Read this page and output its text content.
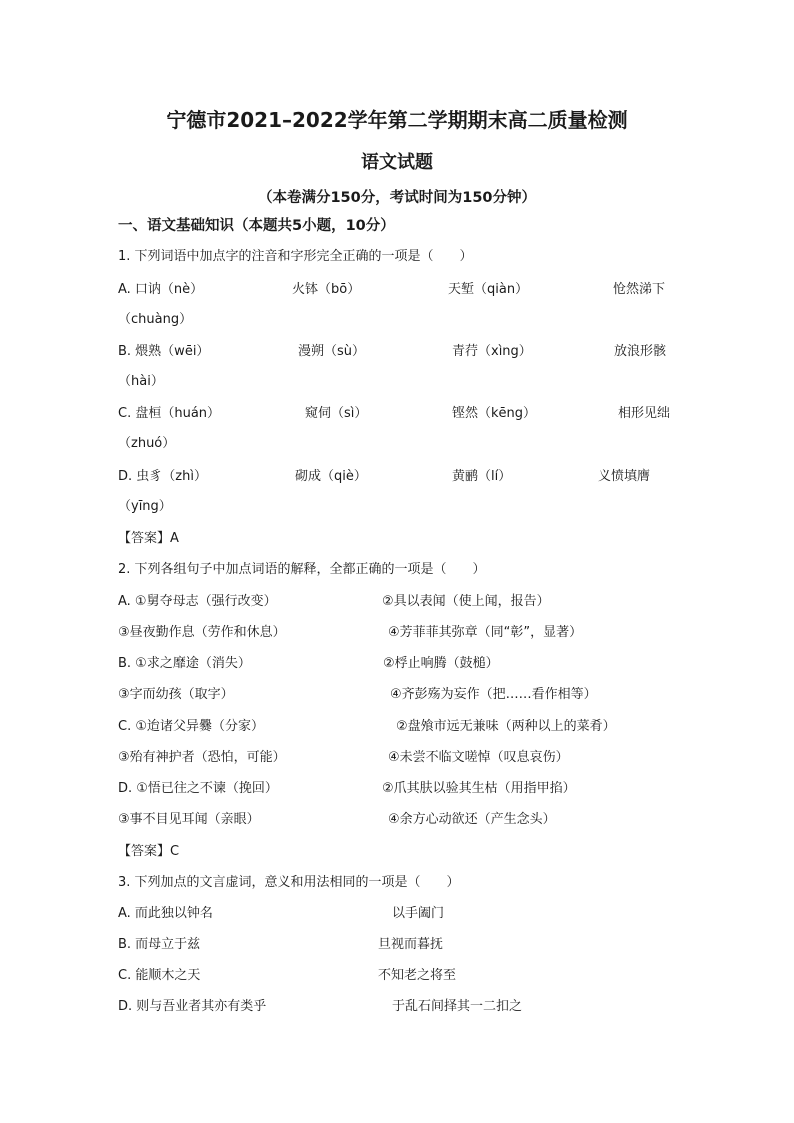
宁德市2021–2022学年第二学期期末高二质量检测
语文试题
（本卷满分150分，考试时间为150分钟）
一、语文基础知识（本题共5小题，10分）
1. 下列词语中加点字的注音和字形完全正确的一项是（　　）
A. 口讷（nè）	火钵（bō）	天堑（qiàn）	怆然涕下
（chuàng）
B. 煨熟（wēi）	漫朔（sù）	青荇（xìng）	放浪形骸
（hài）
C. 盘桓（huán）	窥伺（sì）	铿然（kēng）	相形见绌
（zhuó）
D. 虫豸（zhì）	砌成（qiè）	黄鹂（lí）	义愤填膺
（yīng）
【答案】A
2. 下列各组句子中加点词语的解释，全都正确的一项是（　　）
A. ①舅夺母志（强行改变）	②具以表闻（使上闻，报告）
③昼夜勤作息（劳作和休息）	④芳菲菲其弥章（同“彰”，显著）
B. ①求之靡途（消失）	②桴止响腾（鼓槌）
③字而幼孩（取字）	④齐彭殇为妄作（把……看作相等）
C. ①迨诸父异爨（分家）	②盘飧市远无兼味（两种以上的菜肴）
③殆有神护者（恐怕，可能）	④未尝不临文嗟悼（叹息哀伤）
D. ①悟已往之不谏（挽回）	②爪其肤以验其生枯（用指甲掐）
③事不目见耳闻（亲眼）	④余方心动欲还（产生念头）
【答案】C
3. 下列加点的文言虚词，意义和用法相同的一项是（　　）
A. 而此独以钟名	以手阖门
B. 而母立于兹	旦视而暮抚
C. 能顺木之天	不知老之将至
D. 则与吾业者其亦有类乎	于乱石间择其一二扣之
